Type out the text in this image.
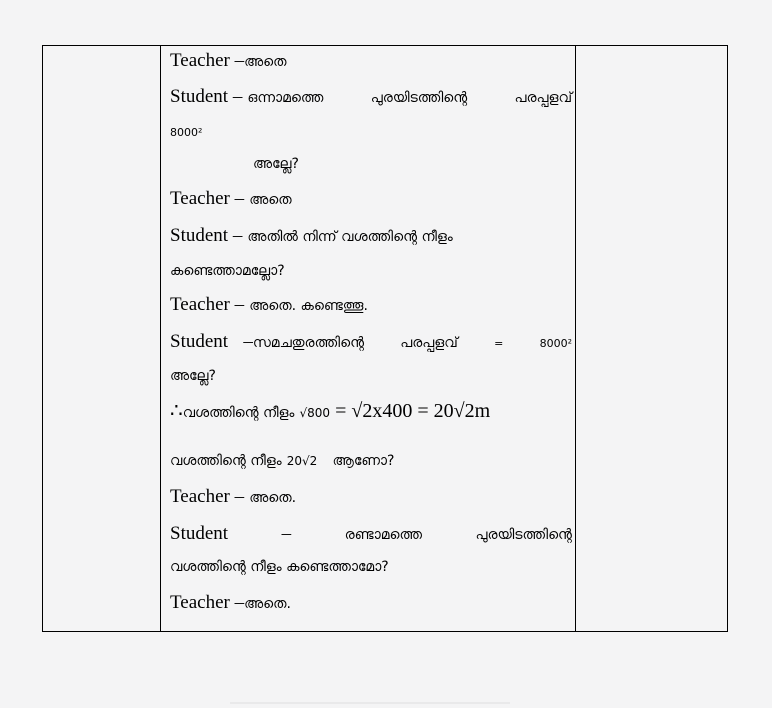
Teacher –അതെ
Student – ഒന്നാമത്തെ	പുരയിടത്തിന്റെ	പരപ്പളവ്
8000²
അല്ലേ?
Teacher – അതെ
Student – അതിൽ നിന്ന് വശത്തിന്റെ നീളം
കണ്ടെത്താമല്ലോ?
Teacher – അതെ. കണ്ടെത്തൂ.
Student –സമചതുരത്തിന്റെ	പരപ്പളവ്	=	8000²
അല്ലേ?
∴വശത്തിന്റെ നീളം √800 = √2x400 = 20√2m
വശത്തിന്റെ നീളം 20√2 ആണോ?
Teacher – അതെ.
Student	–	രണ്ടാമത്തെ	പുരയിടത്തിന്റെ
വശത്തിന്റെ നീളം കണ്ടെത്താമോ?
Teacher –അതെ.
